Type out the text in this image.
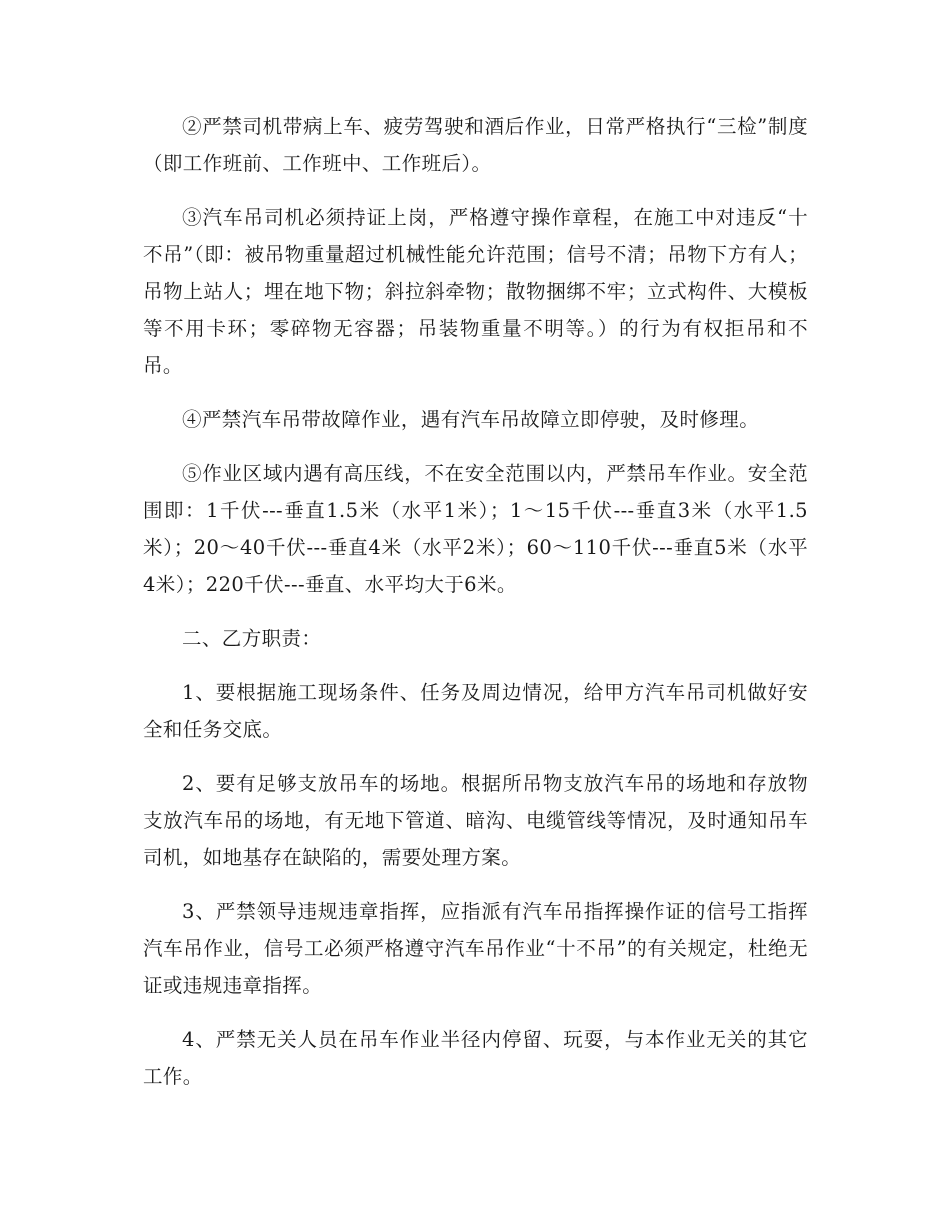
②严禁司机带病上车、疲劳驾驶和酒后作业，日常严格执行“三检”制度（即工作班前、工作班中、工作班后）。

③汽车吊司机必须持证上岗，严格遵守操作章程，在施工中对违反“十不吊”（即：被吊物重量超过机械性能允许范围；信号不清；吊物下方有人；吊物上站人；埋在地下物；斜拉斜牵物；散物捆绑不牢；立式构件、大模板等不用卡环；零碎物无容器；吊装物重量不明等。）的行为有权拒吊和不吊。

④严禁汽车吊带故障作业，遇有汽车吊故障立即停驶，及时修理。

⑤作业区域内遇有高压线，不在安全范围以内，严禁吊车作业。安全范围即：1千伏---垂直1.5米（水平1米）；1～15千伏---垂直3米（水平1.5米）；20～40千伏---垂直4米（水平2米）；60～110千伏---垂直5米（水平4米）；220千伏---垂直、水平均大于6米。

二、乙方职责：

1、要根据施工现场条件、任务及周边情况，给甲方汽车吊司机做好安全和任务交底。

2、要有足够支放吊车的场地。根据所吊物支放汽车吊的场地和存放物支放汽车吊的场地，有无地下管道、暗沟、电缆管线等情况，及时通知吊车司机，如地基存在缺陷的，需要处理方案。

3、严禁领导违规违章指挥，应指派有汽车吊指挥操作证的信号工指挥汽车吊作业，信号工必须严格遵守汽车吊作业“十不吊”的有关规定，杜绝无证或违规违章指挥。

4、严禁无关人员在吊车作业半径内停留、玩耍，与本作业无关的其它工作。
